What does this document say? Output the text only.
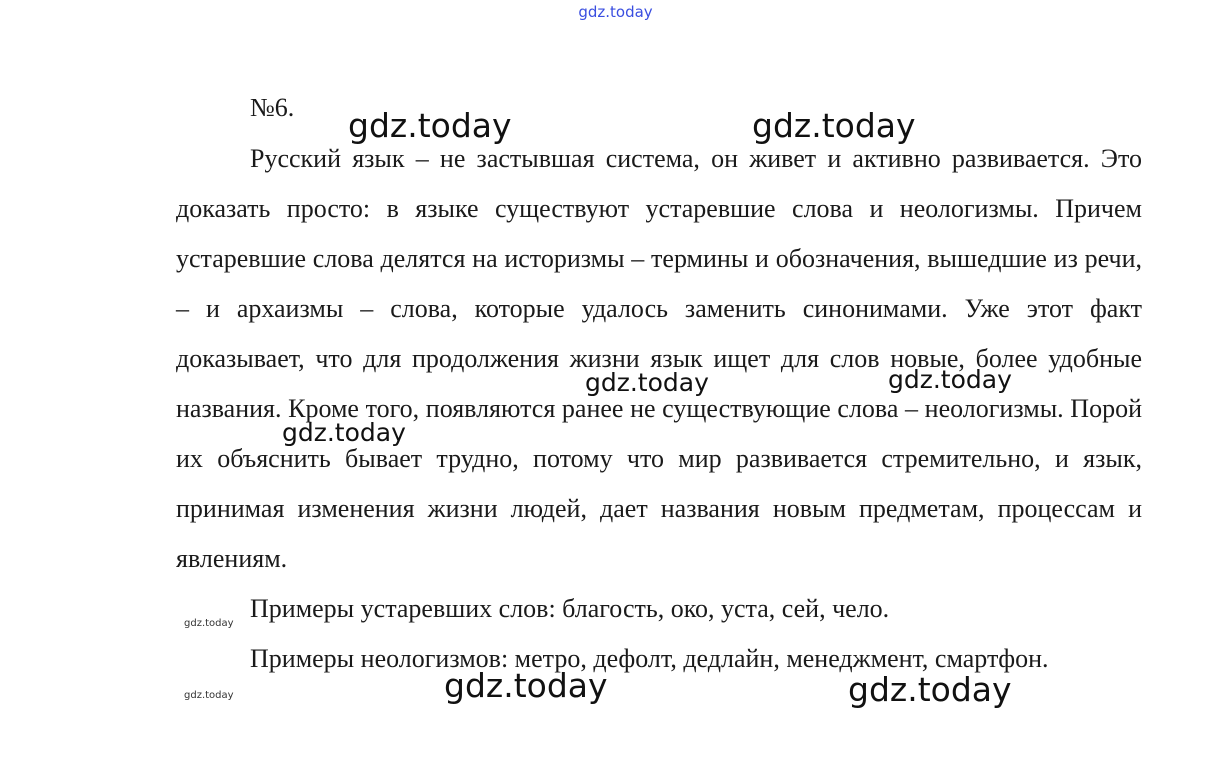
gdz.today
№6.

Русский язык – не застывшая система, он живет и активно развивается. Это доказать просто: в языке существуют устаревшие слова и неологизмы. Причем устаревшие слова делятся на историзмы – термины и обозначения, вышедшие из речи, – и архаизмы – слова, которые удалось заменить синонимами. Уже этот факт доказывает, что для продолжения жизни язык ищет для слов новые, более удобные названия. Кроме того, появляются ранее не существующие слова – неологизмы. Порой их объяснить бывает трудно, потому что мир развивается стремительно, и язык, принимая изменения жизни людей, дает названия новым предметам, процессам и явлениям.

Примеры устаревших слов: благость, око, уста, сей, чело.

Примеры неологизмов: метро, дефолт, дедлайн, менеджмент, смартфон.

gdz.today	gdz.today
gdz.today	gdz.today
gdz.today
gdz.today
gdz.today	gdz.today	gdz.today
